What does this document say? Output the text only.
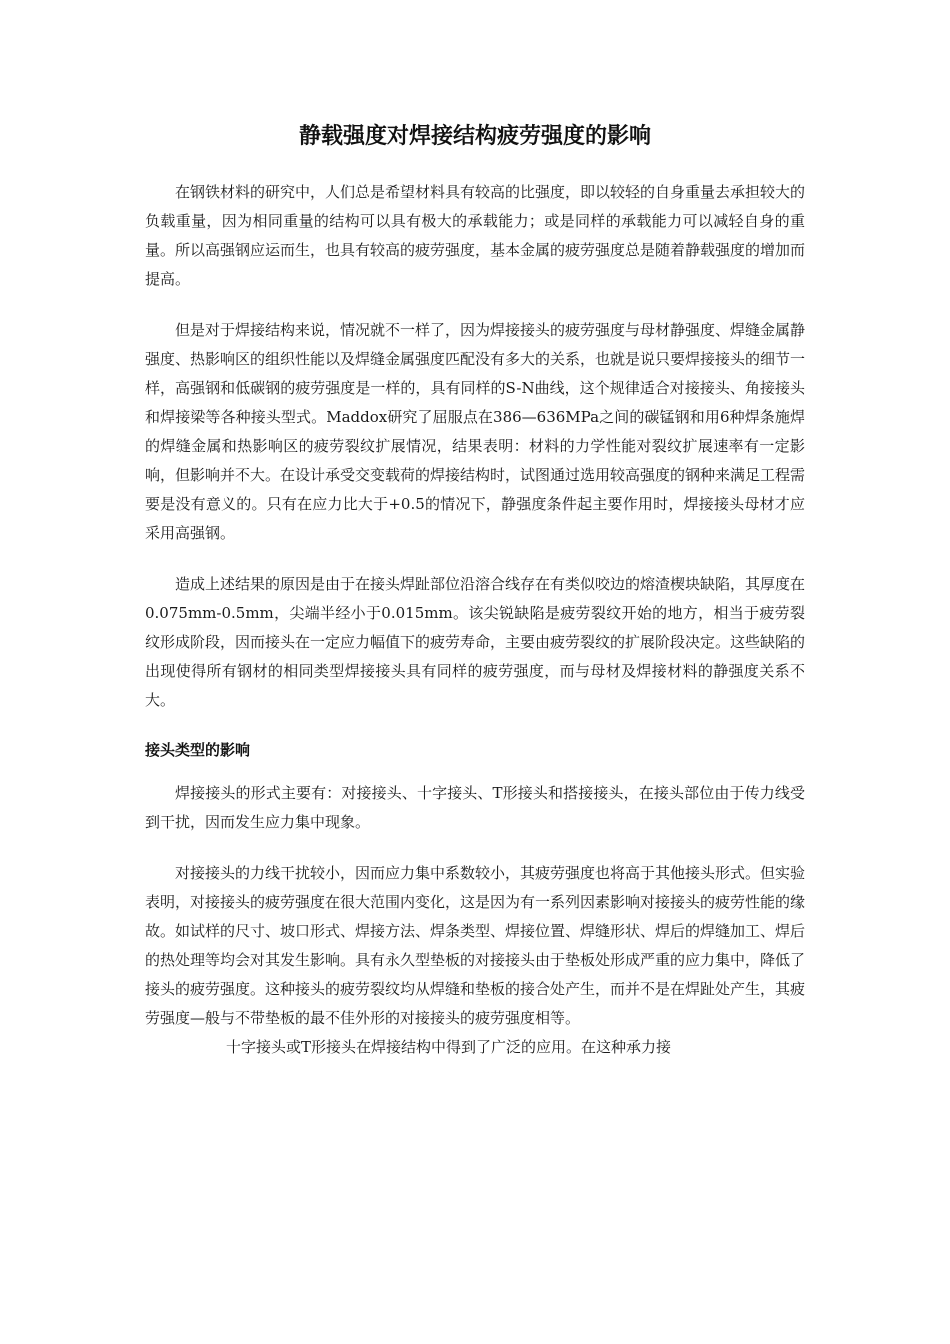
静载强度对焊接结构疲劳强度的影响

在钢铁材料的研究中，人们总是希望材料具有较高的比强度，即以较轻的自身重量去承担较大的负载重量，因为相同重量的结构可以具有极大的承载能力；或是同样的承载能力可以减轻自身的重量。所以高强钢应运而生，也具有较高的疲劳强度，基本金属的疲劳强度总是随着静载强度的增加而提高。

但是对于焊接结构来说，情况就不一样了，因为焊接接头的疲劳强度与母材静强度、焊缝金属静强度、热影响区的组织性能以及焊缝金属强度匹配没有多大的关系，也就是说只要焊接接头的细节一样，高强钢和低碳钢的疲劳强度是一样的，具有同样的S-N曲线，这个规律适合对接接头、角接接头和焊接梁等各种接头型式。Maddox研究了屈服点在386—636MPa之间的碳锰钢和用6种焊条施焊的焊缝金属和热影响区的疲劳裂纹扩展情况，结果表明：材料的力学性能对裂纹扩展速率有一定影响，但影响并不大。在设计承受交变载荷的焊接结构时，试图通过选用较高强度的钢种来满足工程需要是没有意义的。只有在应力比大于+0.5的情况下，静强度条件起主要作用时，焊接接头母材才应采用高强钢。

造成上述结果的原因是由于在接头焊趾部位沿溶合线存在有类似咬边的熔渣楔块缺陷，其厚度在0.075mm-0.5mm，尖端半经小于0.015mm。该尖锐缺陷是疲劳裂纹开始的地方，相当于疲劳裂纹形成阶段，因而接头在一定应力幅值下的疲劳寿命，主要由疲劳裂纹的扩展阶段决定。这些缺陷的出现使得所有钢材的相同类型焊接接头具有同样的疲劳强度，而与母材及焊接材料的静强度关系不大。

接头类型的影响

焊接接头的形式主要有：对接接头、十字接头、T形接头和搭接接头，在接头部位由于传力线受到干扰，因而发生应力集中现象。

对接接头的力线干扰较小，因而应力集中系数较小，其疲劳强度也将高于其他接头形式。但实验表明，对接接头的疲劳强度在很大范围内变化，这是因为有一系列因素影响对接接头的疲劳性能的缘故。如试样的尺寸、坡口形式、焊接方法、焊条类型、焊接位置、焊缝形状、焊后的焊缝加工、焊后的热处理等均会对其发生影响。具有永久型垫板的对接接头由于垫板处形成严重的应力集中，降低了接头的疲劳强度。这种接头的疲劳裂纹均从焊缝和垫板的接合处产生，而并不是在焊趾处产生，其疲劳强度—般与不带垫板的最不佳外形的对接接头的疲劳强度相等。

十字接头或T形接头在焊接结构中得到了广泛的应用。在这种承力接
